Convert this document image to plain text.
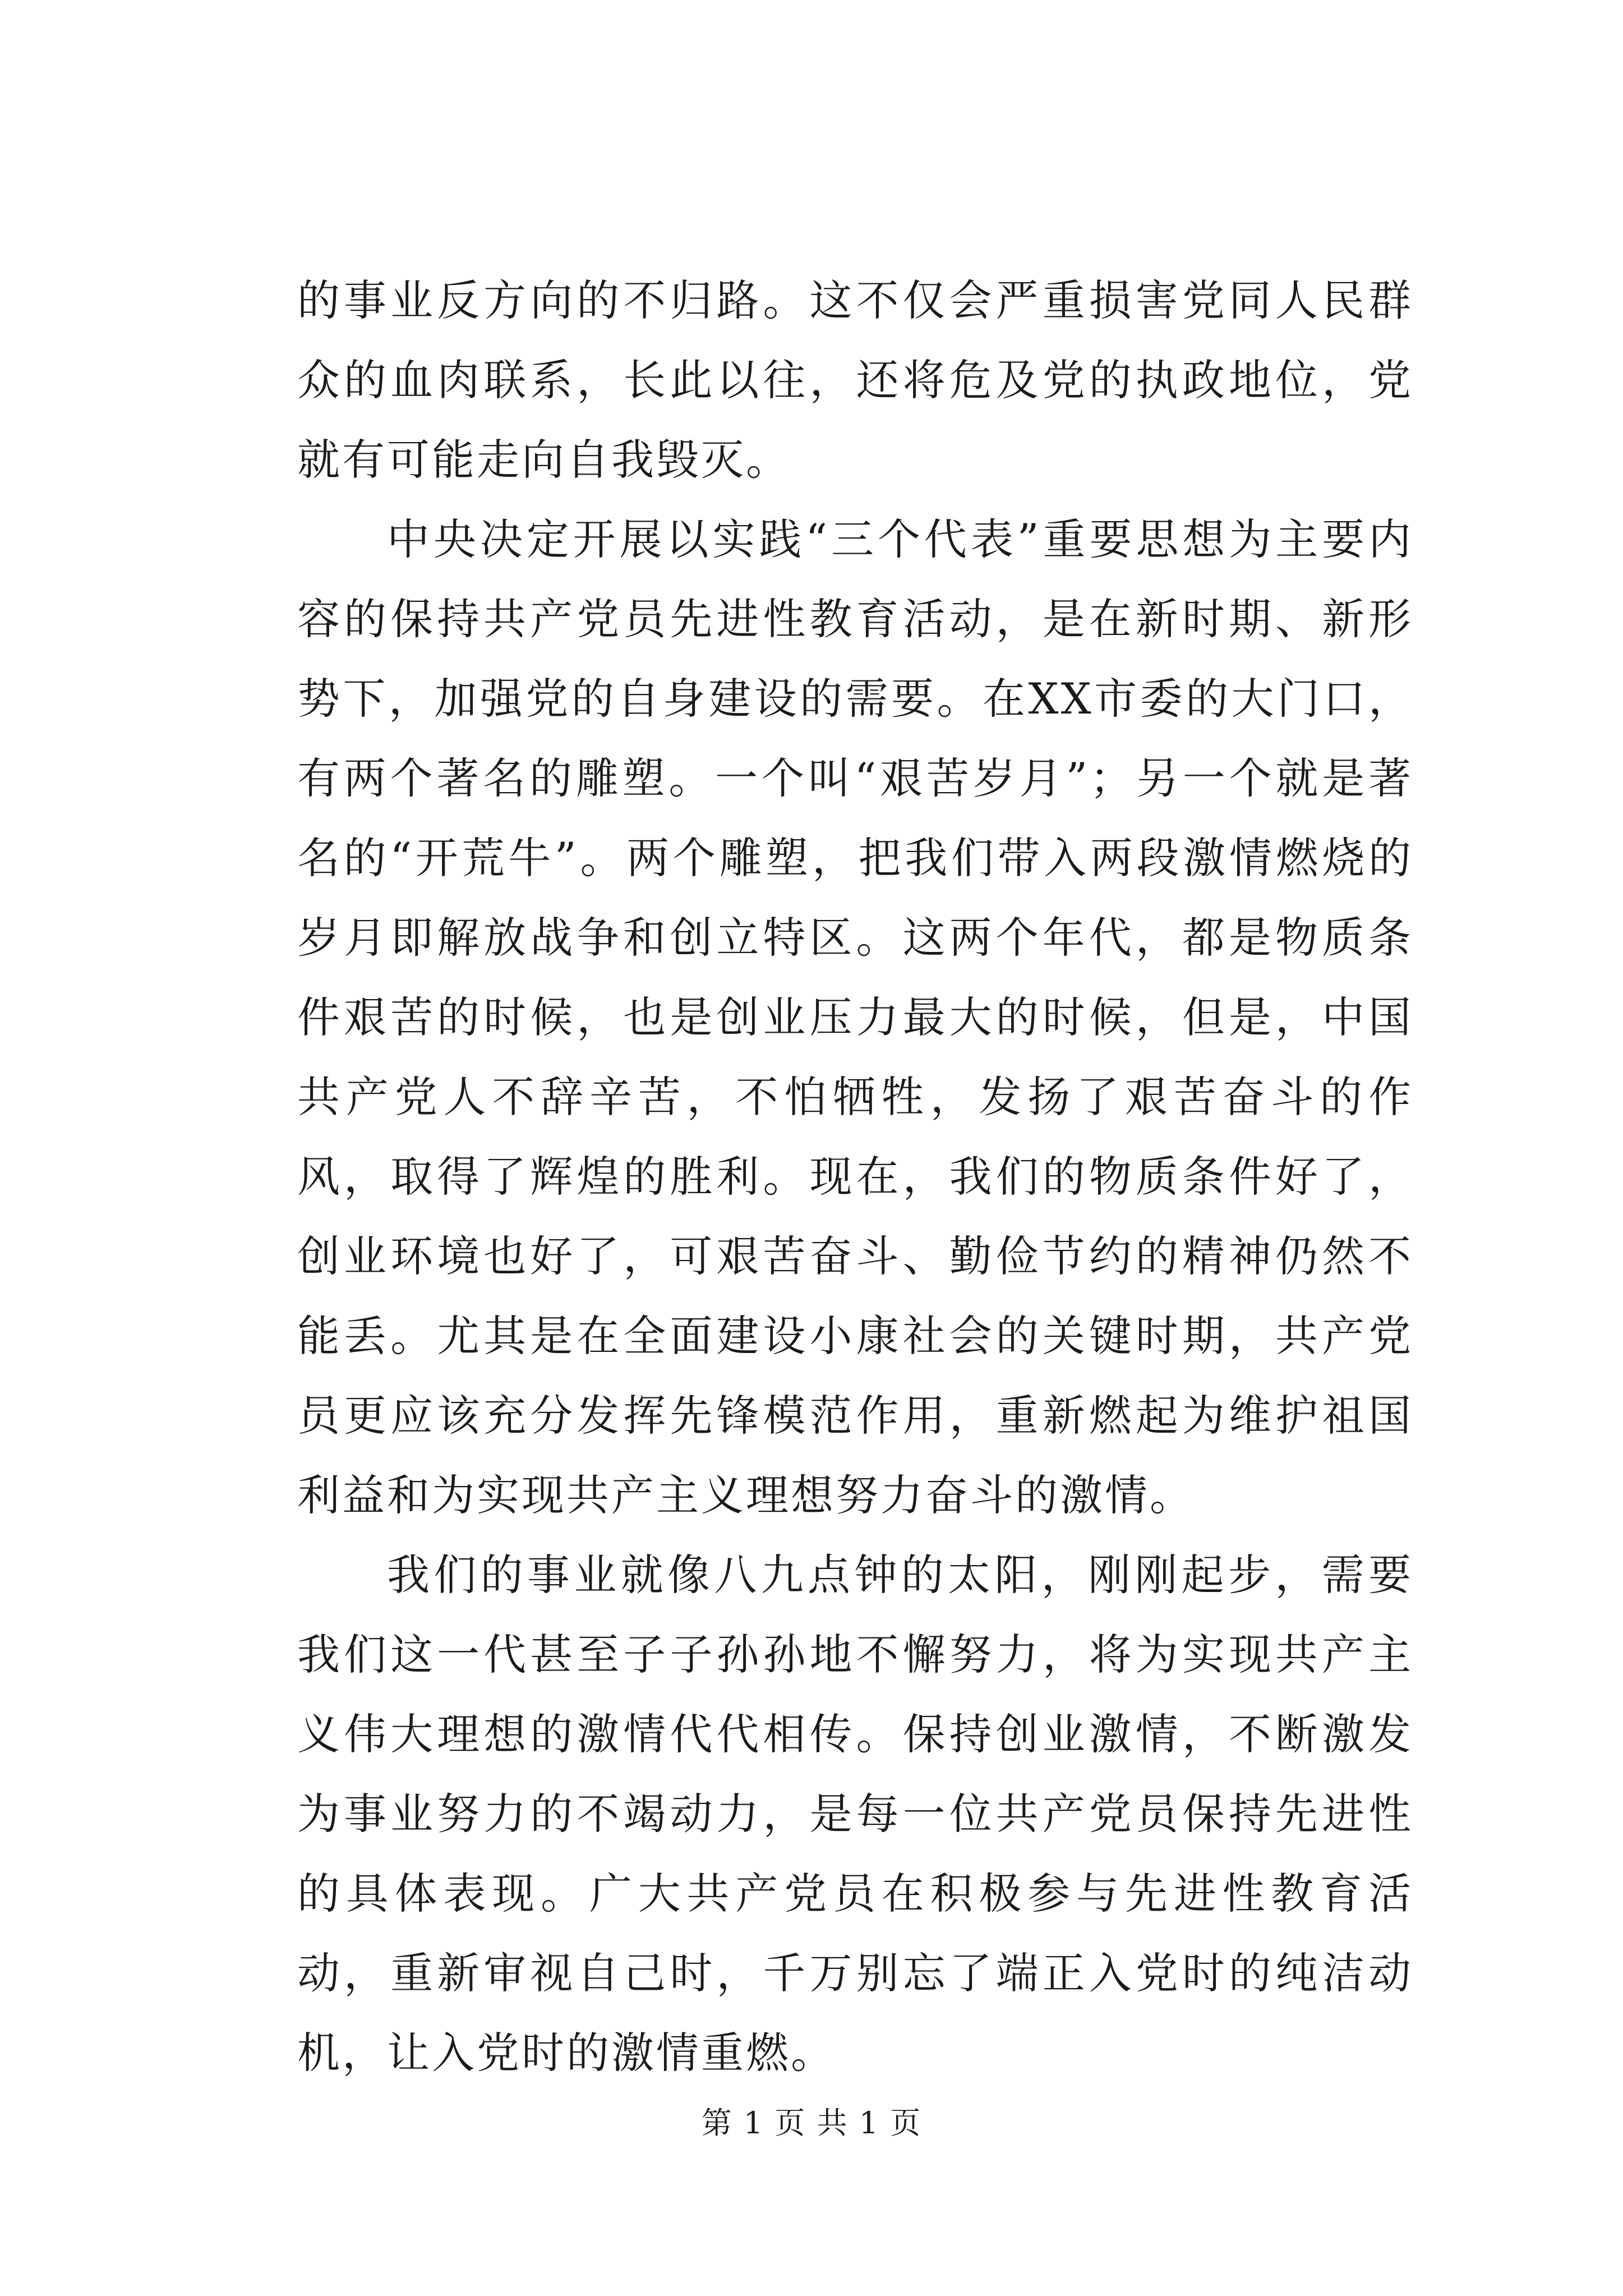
的事业反方向的不归路。这不仅会严重损害党同人民群众的血肉联系，长此以往，还将危及党的执政地位，党就有可能走向自我毁灭。

中央决定开展以实践“三个代表”重要思想为主要内容的保持共产党员先进性教育活动，是在新时期、新形势下，加强党的自身建设的需要。在XX市委的大门口，有两个著名的雕塑。一个叫“艰苦岁月”；另一个就是著名的“开荒牛”。两个雕塑，把我们带入两段激情燃烧的岁月即解放战争和创立特区。这两个年代，都是物质条件艰苦的时候，也是创业压力最大的时候，但是，中国共产党人不辞辛苦，不怕牺牲，发扬了艰苦奋斗的作风，取得了辉煌的胜利。现在，我们的物质条件好了，创业环境也好了，可艰苦奋斗、勤俭节约的精神仍然不能丢。尤其是在全面建设小康社会的关键时期，共产党员更应该充分发挥先锋模范作用，重新燃起为维护祖国利益和为实现共产主义理想努力奋斗的激情。

我们的事业就像八九点钟的太阳，刚刚起步，需要我们这一代甚至子子孙孙地不懈努力，将为实现共产主义伟大理想的激情代代相传。保持创业激情，不断激发为事业努力的不竭动力，是每一位共产党员保持先进性的具体表现。广大共产党员在积极参与先进性教育活动，重新审视自己时，千万别忘了端正入党时的纯洁动机，让入党时的激情重燃。

第 1 页 共 1 页
